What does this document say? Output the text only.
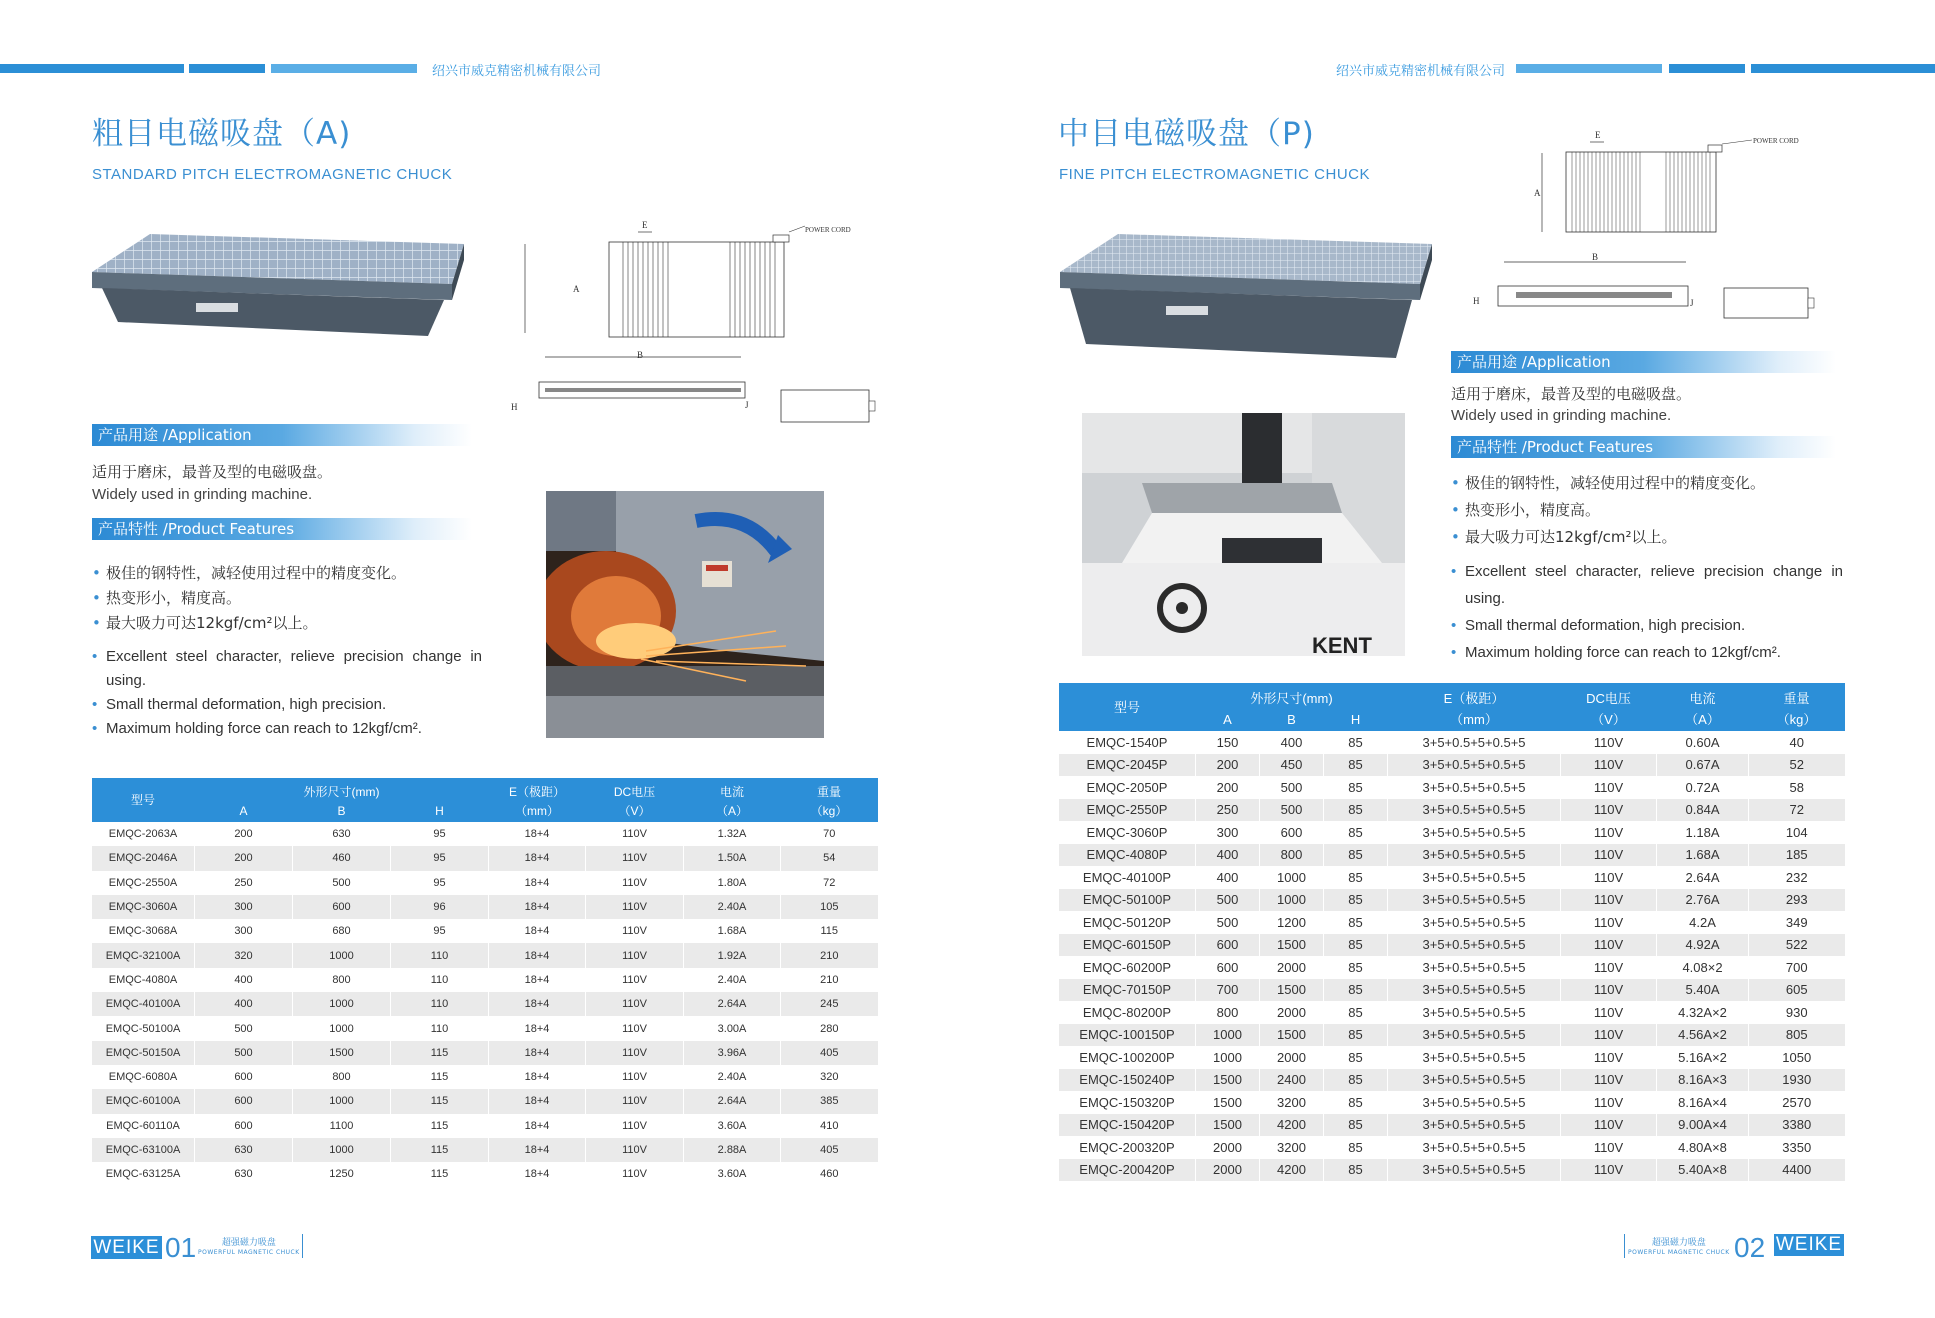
绍兴市威克精密机械有限公司	绍兴市威克精密机械有限公司
粗目电磁吸盘（A)
STANDARD PITCH ELECTROMAGNETIC CHUCK
E
A
POWER CORD
B
H	J
产品用途 /Application
适用于磨床，最普及型的电磁吸盘。
Widely used in grinding machine.
产品特性 /Product Features
• 极佳的钢特性，减轻使用过程中的精度变化。
• 热变形小，精度高。
• 最大吸力可达12kgf/cm²以上。
• Excellent steel character, relieve precision change in using.
• Small thermal deformation, high precision.
• Maximum holding force can reach to 12kgf/cm².
型号	外形尺寸(mm)			E（极距）	DC电压	电流	重量
	A	B	H	（mm）	（V）	（A）	（kg）
EMQC-2063A	200	630	95	18+4	110V	1.32A	70
EMQC-2046A	200	460	95	18+4	110V	1.50A	54
EMQC-2550A	250	500	95	18+4	110V	1.80A	72
EMQC-3060A	300	600	96	18+4	110V	2.40A	105
EMQC-3068A	300	680	95	18+4	110V	1.68A	115
EMQC-32100A	320	1000	110	18+4	110V	1.92A	210
EMQC-4080A	400	800	110	18+4	110V	2.40A	210
EMQC-40100A	400	1000	110	18+4	110V	2.64A	245
EMQC-50100A	500	1000	110	18+4	110V	3.00A	280
EMQC-50150A	500	1500	115	18+4	110V	3.96A	405
EMQC-6080A	600	800	115	18+4	110V	2.40A	320
EMQC-60100A	600	1000	115	18+4	110V	2.64A	385
EMQC-60110A	600	1100	115	18+4	110V	3.60A	410
EMQC-63100A	630	1000	115	18+4	110V	2.88A	405
EMQC-63125A	630	1250	115	18+4	110V	3.60A	460
WEIKE 01	超强磁力吸盘
POWERFUL MAGNETIC CHUCK
中目电磁吸盘（P)
FINE PITCH ELECTROMAGNETIC CHUCK
E
A
POWER CORD
B
H	J
产品用途 /Application
适用于磨床，最普及型的电磁吸盘。
Widely used in grinding machine.
产品特性 /Product Features
• 极佳的钢特性，减轻使用过程中的精度变化。
• 热变形小，精度高。
• 最大吸力可达12kgf/cm²以上。
• Excellent steel character, relieve precision change in using.
• Small thermal deformation, high precision.
• Maximum holding force can reach to 12kgf/cm².
KENT
型号	外形尺寸(mm)			E（极距）	DC电压	电流	重量
	A	B	H	（mm）	（V）	（A）	（kg）
EMQC-1540P	150	400	85	3+5+0.5+5+0.5+5	110V	0.60A	40
EMQC-2045P	200	450	85	3+5+0.5+5+0.5+5	110V	0.67A	52
EMQC-2050P	200	500	85	3+5+0.5+5+0.5+5	110V	0.72A	58
EMQC-2550P	250	500	85	3+5+0.5+5+0.5+5	110V	0.84A	72
EMQC-3060P	300	600	85	3+5+0.5+5+0.5+5	110V	1.18A	104
EMQC-4080P	400	800	85	3+5+0.5+5+0.5+5	110V	1.68A	185
EMQC-40100P	400	1000	85	3+5+0.5+5+0.5+5	110V	2.64A	232
EMQC-50100P	500	1000	85	3+5+0.5+5+0.5+5	110V	2.76A	293
EMQC-50120P	500	1200	85	3+5+0.5+5+0.5+5	110V	4.2A	349
EMQC-60150P	600	1500	85	3+5+0.5+5+0.5+5	110V	4.92A	522
EMQC-60200P	600	2000	85	3+5+0.5+5+0.5+5	110V	4.08×2	700
EMQC-70150P	700	1500	85	3+5+0.5+5+0.5+5	110V	5.40A	605
EMQC-80200P	800	2000	85	3+5+0.5+5+0.5+5	110V	4.32A×2	930
EMQC-100150P	1000	1500	85	3+5+0.5+5+0.5+5	110V	4.56A×2	805
EMQC-100200P	1000	2000	85	3+5+0.5+5+0.5+5	110V	5.16A×2	1050
EMQC-150240P	1500	2400	85	3+5+0.5+5+0.5+5	110V	8.16A×3	1930
EMQC-150320P	1500	3200	85	3+5+0.5+5+0.5+5	110V	8.16A×4	2570
EMQC-150420P	1500	4200	85	3+5+0.5+5+0.5+5	110V	9.00A×4	3380
EMQC-200320P	2000	3200	85	3+5+0.5+5+0.5+5	110V	4.80A×8	3350
EMQC-200420P	2000	4200	85	3+5+0.5+5+0.5+5	110V	5.40A×8	4400
超强磁力吸盘
POWERFUL MAGNETIC CHUCK 02 WEIKE
